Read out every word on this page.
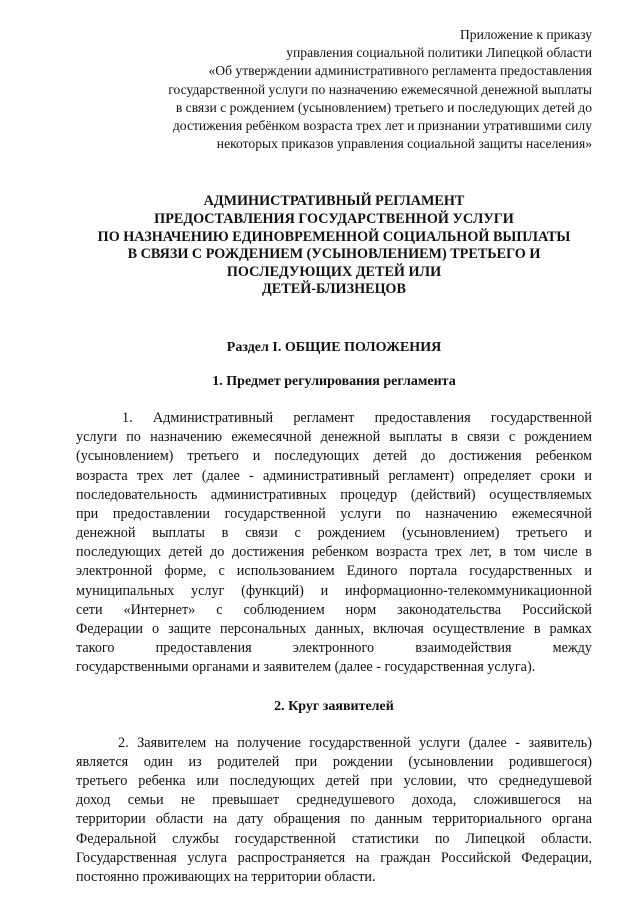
Приложение к приказу
управления социальной политики Липецкой области
«Об утверждении административного регламента предоставления
государственной услуги по назначению ежемесячной денежной выплаты
в связи с рождением (усыновлением) третьего и последующих детей до
достижения ребёнком возраста трех лет и признании утратившими силу
некоторых приказов управления социальной защиты населения»
АДМИНИСТРАТИВНЫЙ РЕГЛАМЕНТ
ПРЕДОСТАВЛЕНИЯ ГОСУДАРСТВЕННОЙ УСЛУГИ
ПО НАЗНАЧЕНИЮ ЕДИНОВРЕМЕННОЙ СОЦИАЛЬНОЙ ВЫПЛАТЫ
В СВЯЗИ С РОЖДЕНИЕМ (УСЫНОВЛЕНИЕМ) ТРЕТЬЕГО И
ПОСЛЕДУЮЩИХ ДЕТЕЙ ИЛИ
ДЕТЕЙ-БЛИЗНЕЦОВ
Раздел I. ОБЩИЕ ПОЛОЖЕНИЯ
1. Предмет регулирования регламента
1. Административный регламент предоставления государственной
услуги по назначению ежемесячной денежной выплаты в связи с рождением
(усыновлением) третьего и последующих детей до достижения ребенком
возраста трех лет (далее - административный регламент) определяет сроки и
последовательность административных процедур (действий) осуществляемых
при предоставлении государственной услуги по назначению ежемесячной
денежной выплаты в связи с рождением (усыновлением) третьего и
последующих детей до достижения ребенком возраста трех лет, в том числе в
электронной форме, с использованием Единого портала государственных и
муниципальных услуг (функций) и информационно-телекоммуникационной
сети «Интернет» с соблюдением норм законодательства Российской
Федерации о защите персональных данных, включая осуществление в рамках
такого предоставления электронного взаимодействия между
государственными органами и заявителем (далее - государственная услуга).
2. Круг заявителей
2. Заявителем на получение государственной услуги (далее - заявитель)
является один из родителей при рождении (усыновлении родившегося)
третьего ребенка или последующих детей при условии, что среднедушевой
доход семьи не превышает среднедушевого дохода, сложившегося на
территории области на дату обращения по данным территориального органа
Федеральной службы государственной статистики по Липецкой области.
Государственная услуга распространяется на граждан Российской Федерации,
постоянно проживающих на территории области.
